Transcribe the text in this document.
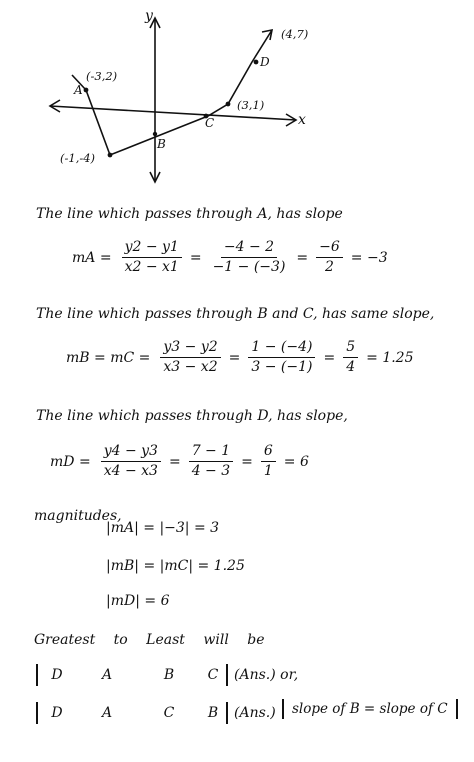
y
x
A
(-3,2)
(-1,-4)
B
C
(3,1)
D
(4,7)
The line which passes through A, has slope
mA = $\frac{y2 - y1}{x2 - x1} = \frac{-4 - 2}{-1 - (-3)} = \frac{-6}{2} = -3$
The line which passes through B and C, has same slope,
mB = mC = $\frac{y3 - y2}{x3 - x2} = \frac{1 - (-4)}{3 - (-1)} = \frac{5}{4} = 1.25$
The line which passes through D, has slope,
mD = $\frac{y4 - y3}{x4 - x3} = \frac{7 - 1}{4 - 3} = \frac{6}{1} = 6$
magnitudes,
|mA| = |−3| = 3
|mB| = |mC| = 1.25
|mD| = 6
Greatest to Least will be
D	A	B	C	(Ans.) or,
D	A	C	B	(Ans.)	slope of B = slope of C
